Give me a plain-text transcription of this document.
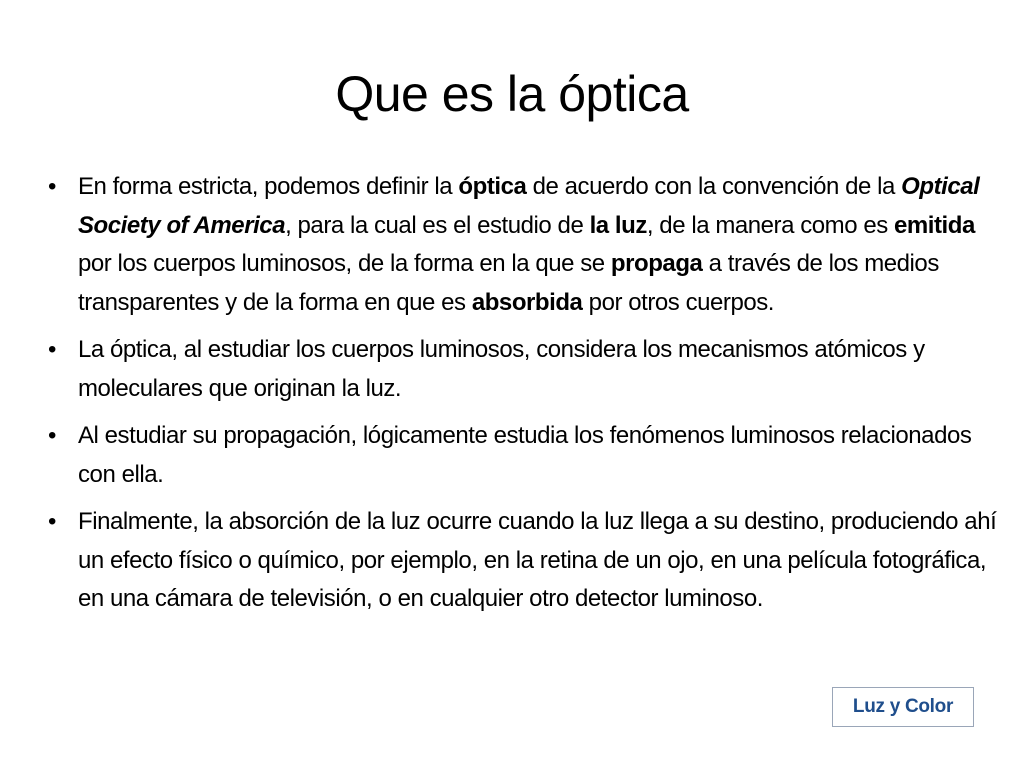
Que es la óptica
• En forma estricta, podemos definir la óptica de acuerdo con la convención de la Optical Society of America, para la cual es el estudio de la luz, de la manera como es emitida por los cuerpos luminosos, de la forma en la que se propaga a través de los medios transparentes y de la forma en que es absorbida por otros cuerpos.
• La óptica, al estudiar los cuerpos luminosos, considera los mecanismos atómicos y moleculares que originan la luz.
• Al estudiar su propagación, lógicamente estudia los fenómenos luminosos relacionados con ella.
• Finalmente, la absorción de la luz ocurre cuando la luz llega a su destino, produciendo ahí un efecto físico o químico, por ejemplo, en la retina de un ojo, en una película fotográfica, en una cámara de televisión, o en cualquier otro detector luminoso.
Luz y Color
